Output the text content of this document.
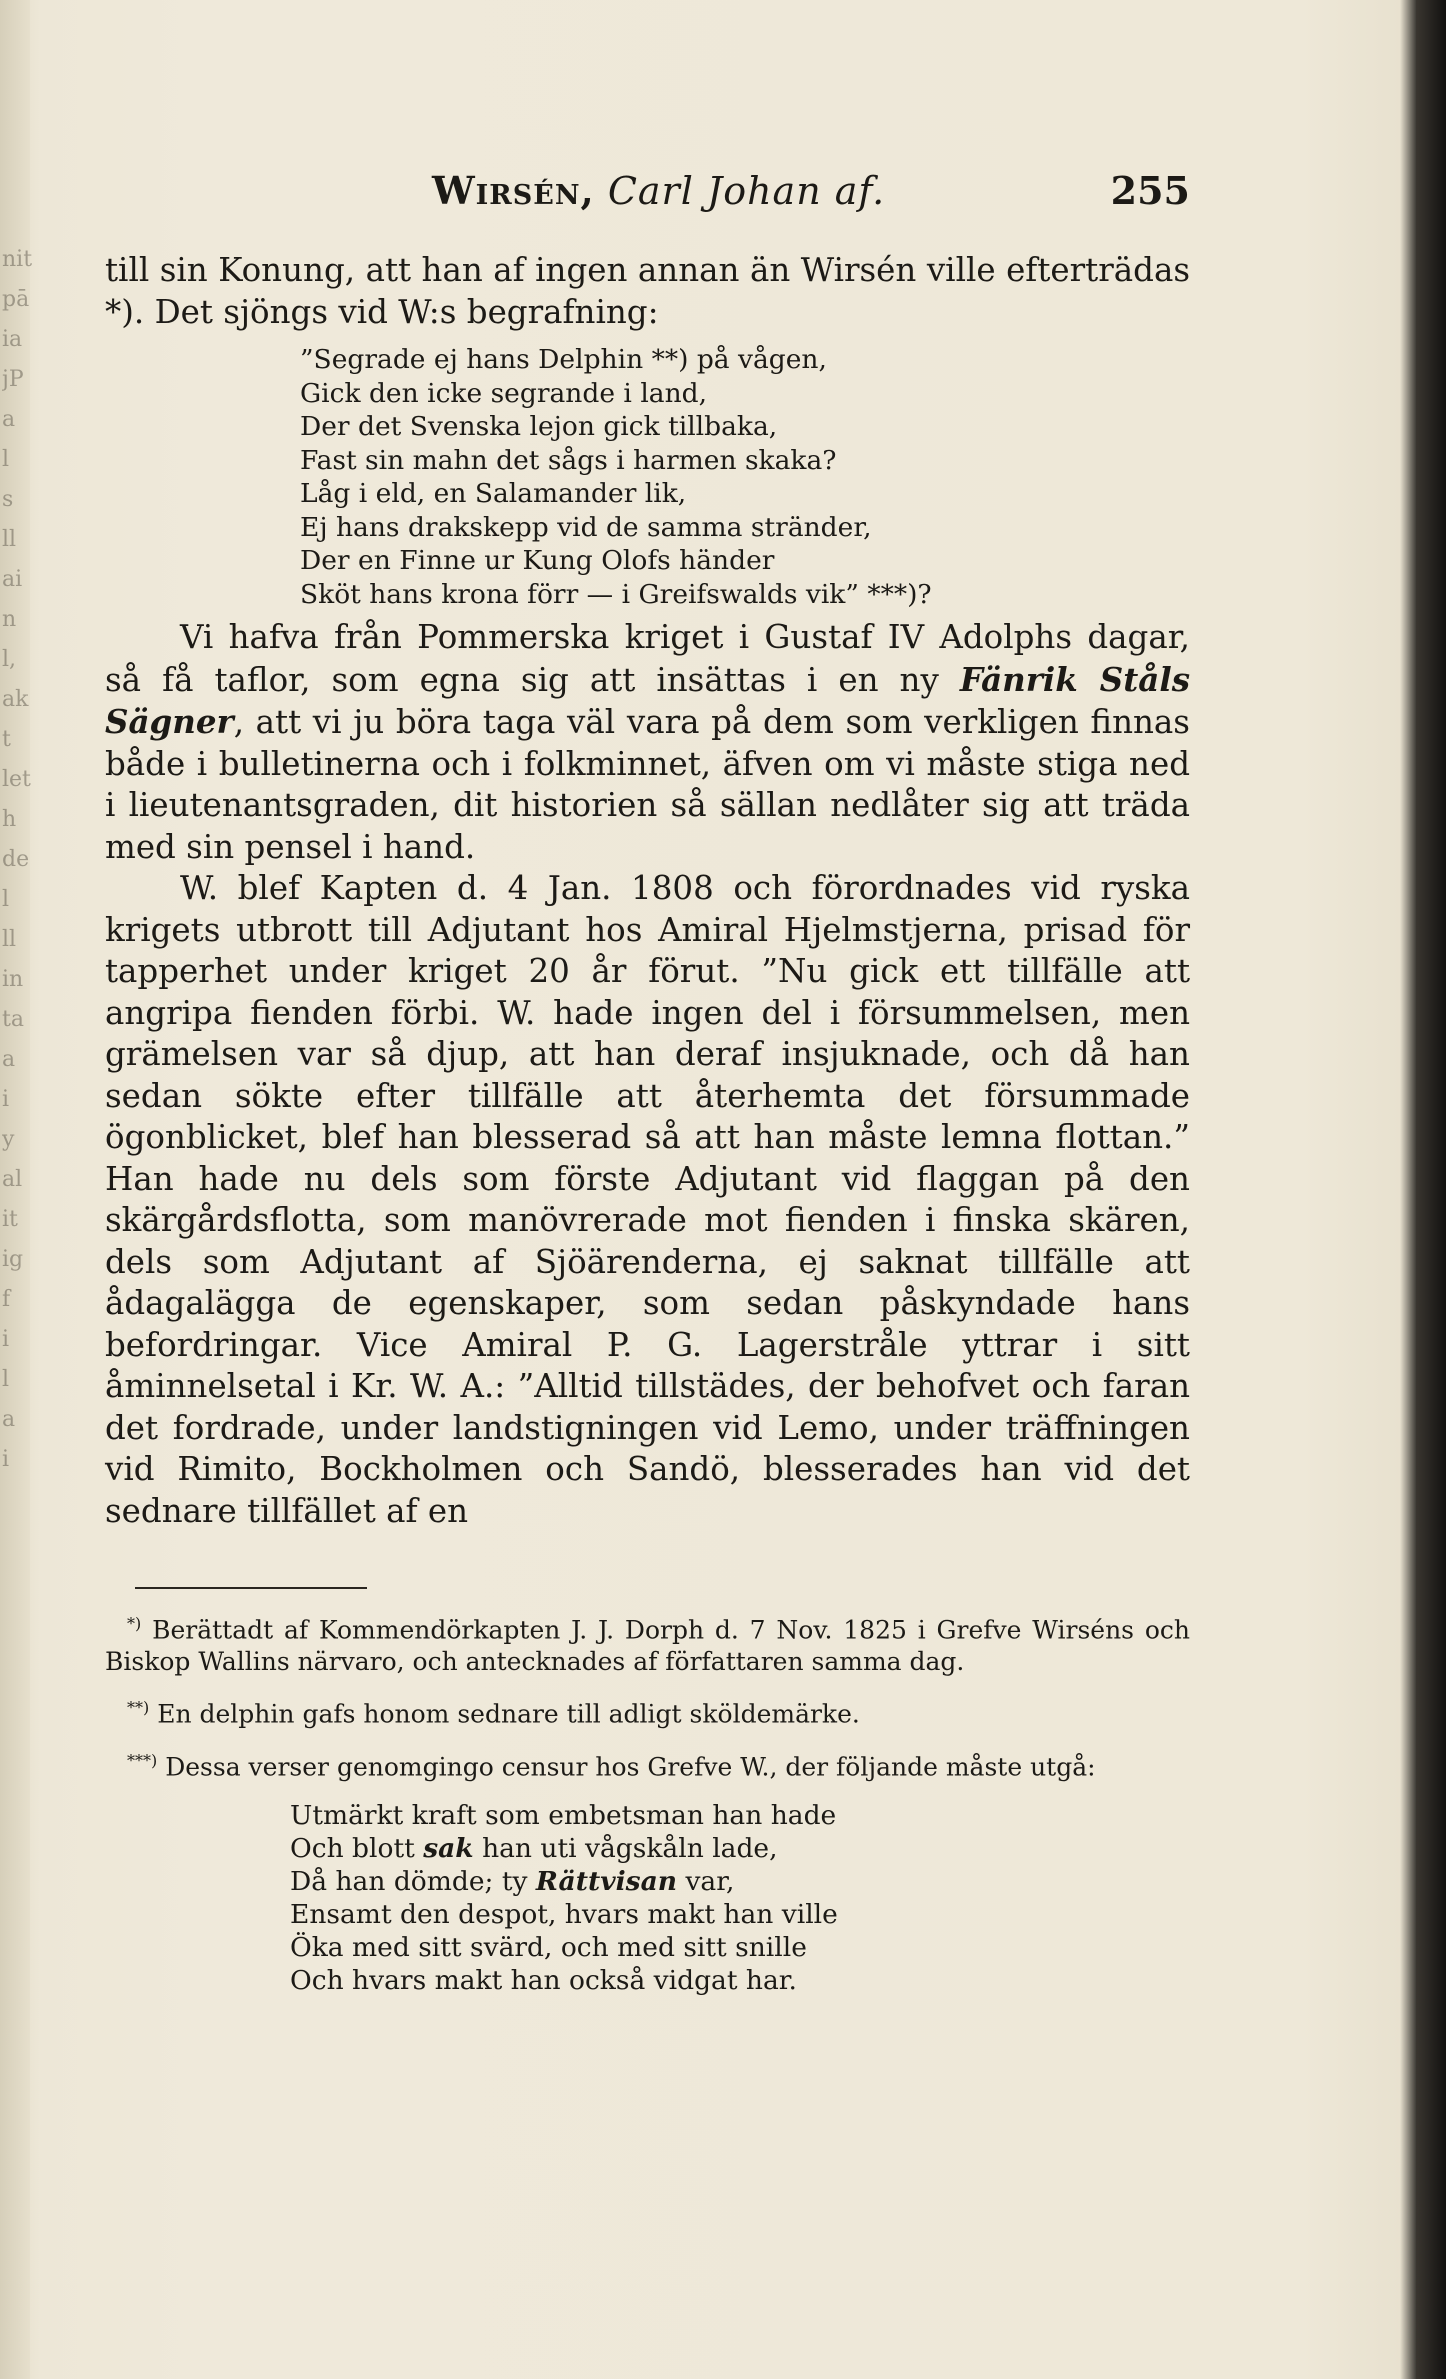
nit
pā
ia
jP
a
l
s
ll
ai
n
l,
ak
t
let
h
de
l
ll
in
ta
a
i
y
al
it
ig
f
i
l
a
i
Wirsén, Carl Johan af.	255

till sin Konung, att han af ingen annan än Wirsén ville efterträdas *). Det sjöngs vid W:s begrafning:

”Segrade ej hans Delphin **) på vågen,
Gick den icke segrande i land,
Der det Svenska lejon gick tillbaka,
Fast sin mahn det sågs i harmen skaka?
Låg i eld, en Salamander lik,
Ej hans drakskepp vid de samma stränder,
Der en Finne ur Kung Olofs händer
Sköt hans krona förr — i Greifswalds vik” ***)?

Vi hafva från Pommerska kriget i Gustaf IV Adolphs dagar, så få taflor, som egna sig att insättas i en ny Fänrik Ståls Sägner, att vi ju böra taga väl vara på dem som verkligen finnas både i bulletinerna och i folkminnet, äfven om vi måste stiga ned i lieutenantsgraden, dit historien så sällan nedlåter sig att träda med sin pensel i hand.

W. blef Kapten d. 4 Jan. 1808 och förordnades vid ryska krigets utbrott till Adjutant hos Amiral Hjelmstjerna, prisad för tapperhet under kriget 20 år förut. ”Nu gick ett tillfälle att angripa fienden förbi. W. hade ingen del i försummelsen, men grämelsen var så djup, att han deraf insjuknade, och då han sedan sökte efter tillfälle att återhemta det försummade ögonblicket, blef han blesserad så att han måste lemna flottan.” Han hade nu dels som förste Adjutant vid flaggan på den skärgårdsflotta, som manövrerade mot fienden i finska skären, dels som Adjutant af Sjöärenderna, ej saknat tillfälle att ådagalägga de egenskaper, som sedan påskyndade hans befordringar. Vice Amiral P. G. Lagerstråle yttrar i sitt åminnelsetal i Kr. W. A.: ”Alltid tillstädes, der behofvet och faran det fordrade, under landstigningen vid Lemo, under träffningen vid Rimito, Bockholmen och Sandö, blesserades han vid det sednare tillfället af en

*) Berättadt af Kommendörkapten J. J. Dorph d. 7 Nov. 1825 i Grefve Wirséns och Biskop Wallins närvaro, och antecknades af författaren samma dag.

**) En delphin gafs honom sednare till adligt sköldemärke.

***) Dessa verser genomgingo censur hos Grefve W., der följande måste utgå:

Utmärkt kraft som embetsman han hade
Och blott sak han uti vågskåln lade,
Då han dömde; ty Rättvisan var,
Ensamt den despot, hvars makt han ville
Öka med sitt svärd, och med sitt snille
Och hvars makt han också vidgat har.
